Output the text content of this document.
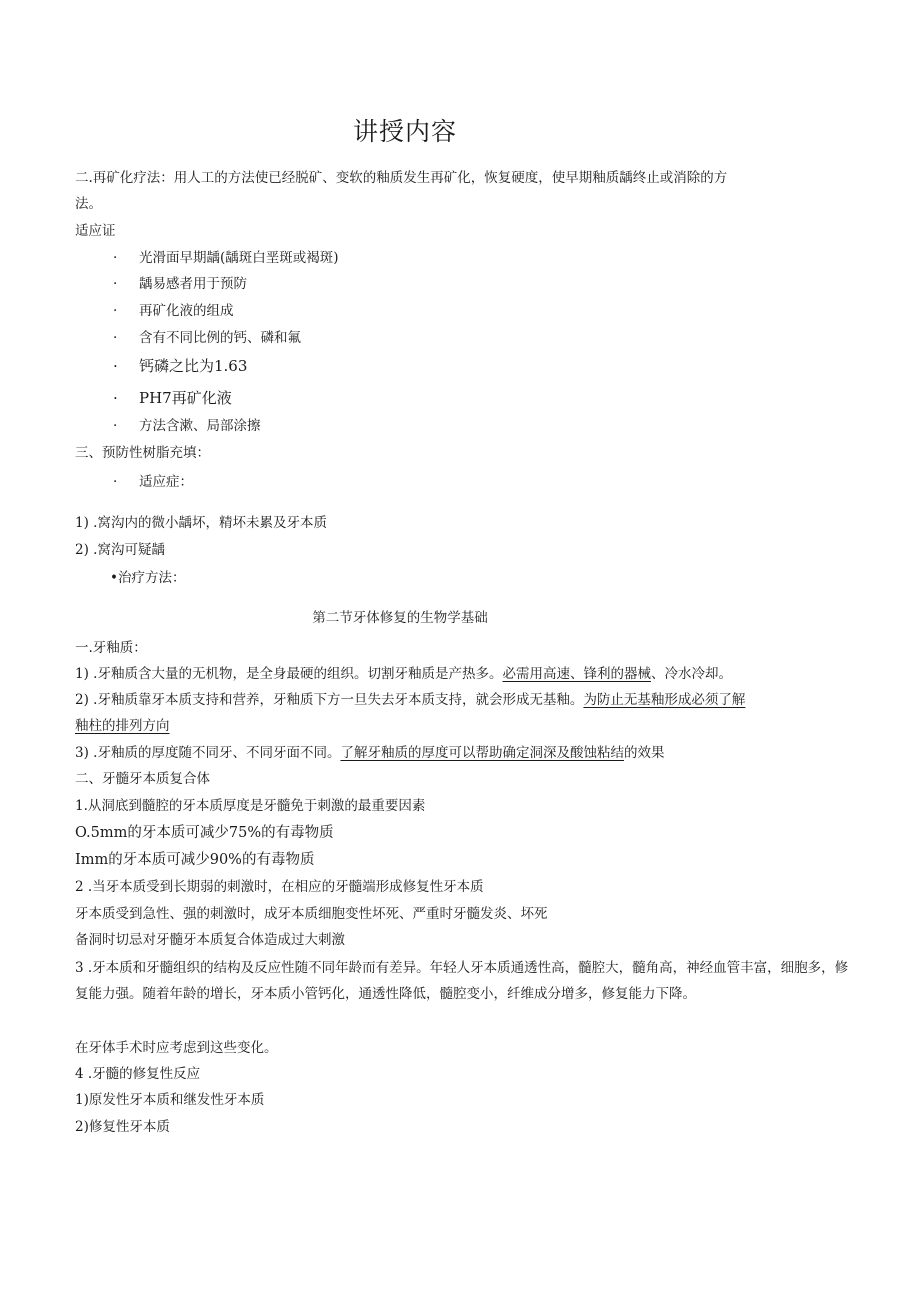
讲授内容
二.再矿化疗法：用人工的方法使已经脱矿、变软的釉质发生再矿化，恢复硬度，使早期釉质龋终止或消除的方
法。
适应证
· 光滑面早期龋(龋斑白垩斑或褐斑)
· 龋易感者用于预防
· 再矿化液的组成
· 含有不同比例的钙、磷和氟
· 钙磷之比为1.63
· PH7再矿化液
· 方法含漱、局部涂擦
三、预防性树脂充填：
· 适应症：
1) .窝沟内的微小龋坏，精坏未累及牙本质
2) .窝沟可疑龋
•治疗方法：
第二节牙体修复的生物学基础
一.牙釉质：
1) .牙釉质含大量的无机物，是全身最硬的组织。切割牙釉质是产热多。必需用高速、锋利的器械、冷水冷却。
2) .牙釉质靠牙本质支持和营养，牙釉质下方一旦失去牙本质支持，就会形成无基釉。为防止无基釉形成必须了解
釉柱的排列方向
3) .牙釉质的厚度随不同牙、不同牙面不同。了解牙釉质的厚度可以帮助确定洞深及酸蚀粘结的效果
二、牙髓牙本质复合体
1.从洞底到髓腔的牙本质厚度是牙髓免于刺激的最重要因素
O.5mm的牙本质可减少75%的有毒物质
Imm的牙本质可减少90%的有毒物质
2 .当牙本质受到长期弱的刺激时，在相应的牙髓端形成修复性牙本质
牙本质受到急性、强的刺激时，成牙本质细胞变性坏死、严重时牙髓发炎、坏死
备洞时切忌对牙髓牙本质复合体造成过大刺激
3 .牙本质和牙髓组织的结构及反应性随不同年龄而有差异。年轻人牙本质通透性高，髓腔大，髓角高，神经血管丰富，细胞多，修复能力强。随着年龄的增长，牙本质小管钙化，通透性降低，髓腔变小，纤维成分增多，修复能力下降。
在牙体手术时应考虑到这些变化。
4 .牙髓的修复性反应
1)原发性牙本质和继发性牙本质
2)修复性牙本质
